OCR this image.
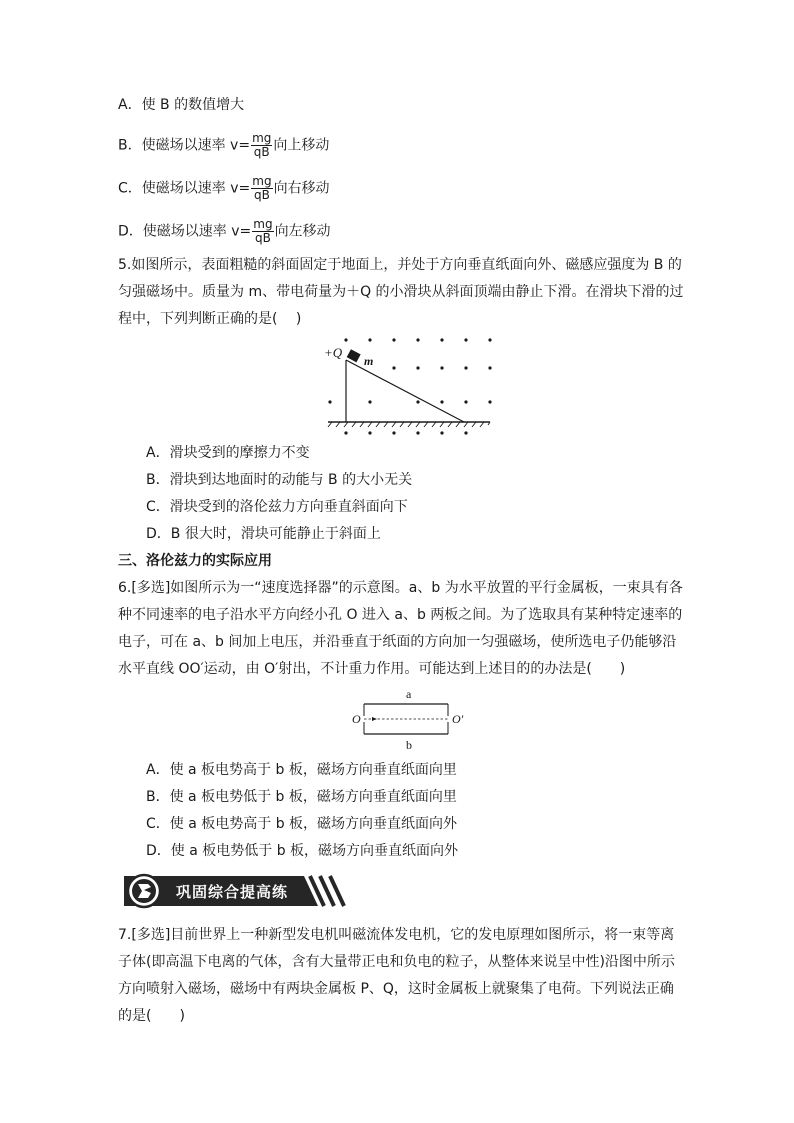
A．使 B 的数值增大
B．使磁场以速率 $v= \frac{mg}{qB}$ 向上移动
C．使磁场以速率 $v= \frac{mg}{qB}$ 向右移动
D．使磁场以速率 $v= \frac{mg}{qB}$ 向左移动
5.如图所示，表面粗糙的斜面固定于地面上，并处于方向垂直纸面向外、磁感应强度为 B 的
匀强磁场中。质量为 m、带电荷量为＋Q 的小滑块从斜面顶端由静止下滑。在滑块下滑的过
程中，下列判断正确的是(　 )
+Q
m
A．滑块受到的摩擦力不变
B．滑块到达地面时的动能与 B 的大小无关
C．滑块受到的洛伦兹力方向垂直斜面向下
D．B 很大时，滑块可能静止于斜面上
三、洛伦兹力的实际应用
6.[多选]如图所示为一“速度选择器”的示意图。a、b 为水平放置的平行金属板，一束具有各
种不同速率的电子沿水平方向经小孔 O 进入 a、b 两板之间。为了选取具有某种特定速率的
电子，可在 a、b 间加上电压，并沿垂直于纸面的方向加一匀强磁场，使所选电子仍能够沿
水平直线 OO′运动，由 O′射出，不计重力作用。可能达到上述目的的办法是(　　)
a
O	O′
b
A．使 a 板电势高于 b 板，磁场方向垂直纸面向里
B．使 a 板电势低于 b 板，磁场方向垂直纸面向里
C．使 a 板电势高于 b 板，磁场方向垂直纸面向外
D．使 a 板电势低于 b 板，磁场方向垂直纸面向外
巩固综合提高练
7.[多选]目前世界上一种新型发电机叫磁流体发电机，它的发电原理如图所示，将一束等离
子体(即高温下电离的气体，含有大量带正电和负电的粒子，从整体来说呈中性)沿图中所示
方向喷射入磁场，磁场中有两块金属板 P、Q，这时金属板上就聚集了电荷。下列说法正确
的是(　　)
